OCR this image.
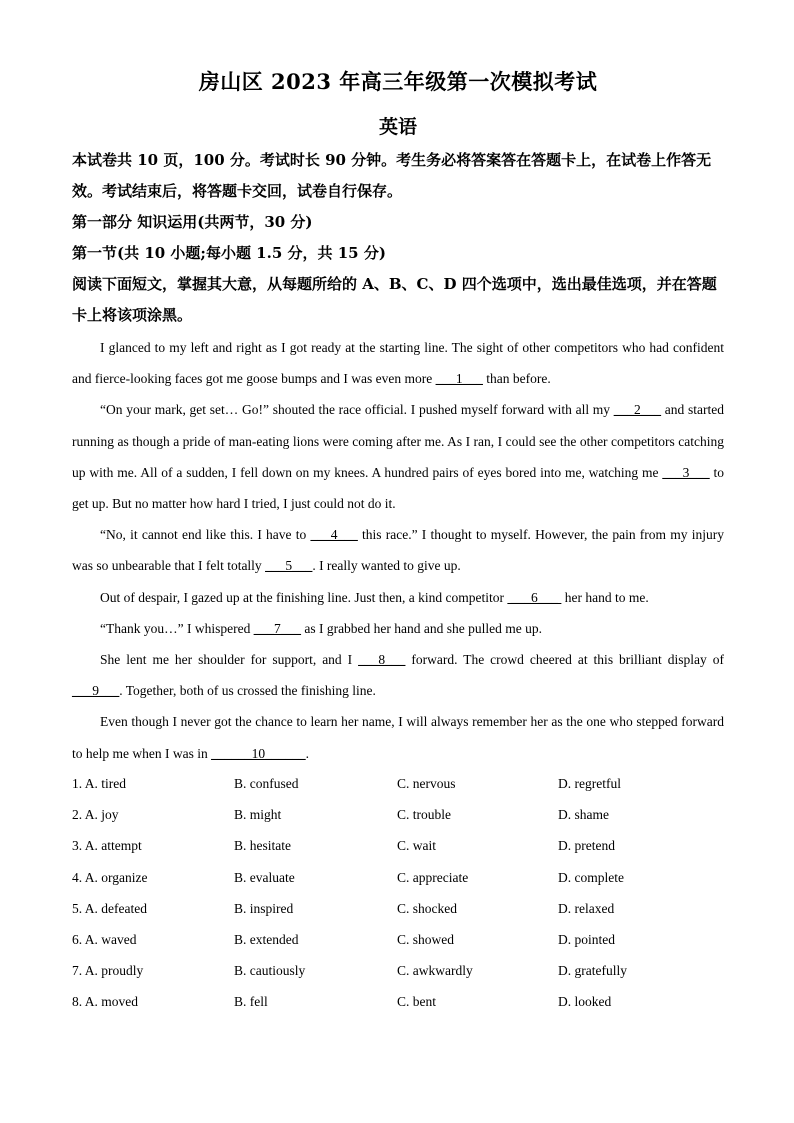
房山区 2023 年高三年级第一次模拟考试
英语

本试卷共 10 页，100 分。考试时长 90 分钟。考生务必将答案答在答题卡上，在试卷上作答无效。考试结束后，将答题卡交回，试卷自行保存。

第一部分 知识运用(共两节，30 分)

第一节(共 10 小题;每小题 1.5 分，共 15 分)

阅读下面短文，掌握其大意，从每题所给的 A、B、C、D 四个选项中，选出最佳选项，并在答题卡上将该项涂黑。

I glanced to my left and right as I got ready at the starting line. The sight of other competitors who had confident and fierce-looking faces got me goose bumps and I was even more ___1___ than before.

“On your mark, get set… Go!” shouted the race official. I pushed myself forward with all my ___2___ and started running as though a pride of man-eating lions were coming after me. As I ran, I could see the other competitors catching up with me. All of a sudden, I fell down on my knees. A hundred pairs of eyes bored into me, watching me ___3___ to get up. But no matter how hard I tried, I just could not do it.

“No, it cannot end like this. I have to ___4___ this race.” I thought to myself. However, the pain from my injury was so unbearable that I felt totally ___5___. I really wanted to give up.

Out of despair, I gazed up at the finishing line. Just then, a kind competitor  ___6___  her hand to me.

“Thank you…” I whispered ___7___ as I grabbed her hand and she pulled me up.

She lent me her shoulder for support, and I ___8___ forward. The crowd cheered at this brilliant display of ___9___. Together, both of us crossed the finishing line.

Even though I never got the chance to learn her name, I will always remember her as the one who stepped forward to help me when I was in ______10______.

1. A. tired	B. confused	C. nervous	D. regretful
2. A. joy	B. might	C. trouble	D. shame
3. A. attempt	B. hesitate	C. wait	D. pretend
4. A. organize	B. evaluate	C. appreciate	D. complete
5. A. defeated	B. inspired	C. shocked	D. relaxed
6. A. waved	B. extended	C. showed	D. pointed
7. A. proudly	B. cautiously	C. awkwardly	D. gratefully
8. A. moved	B. fell	C. bent	D. looked
